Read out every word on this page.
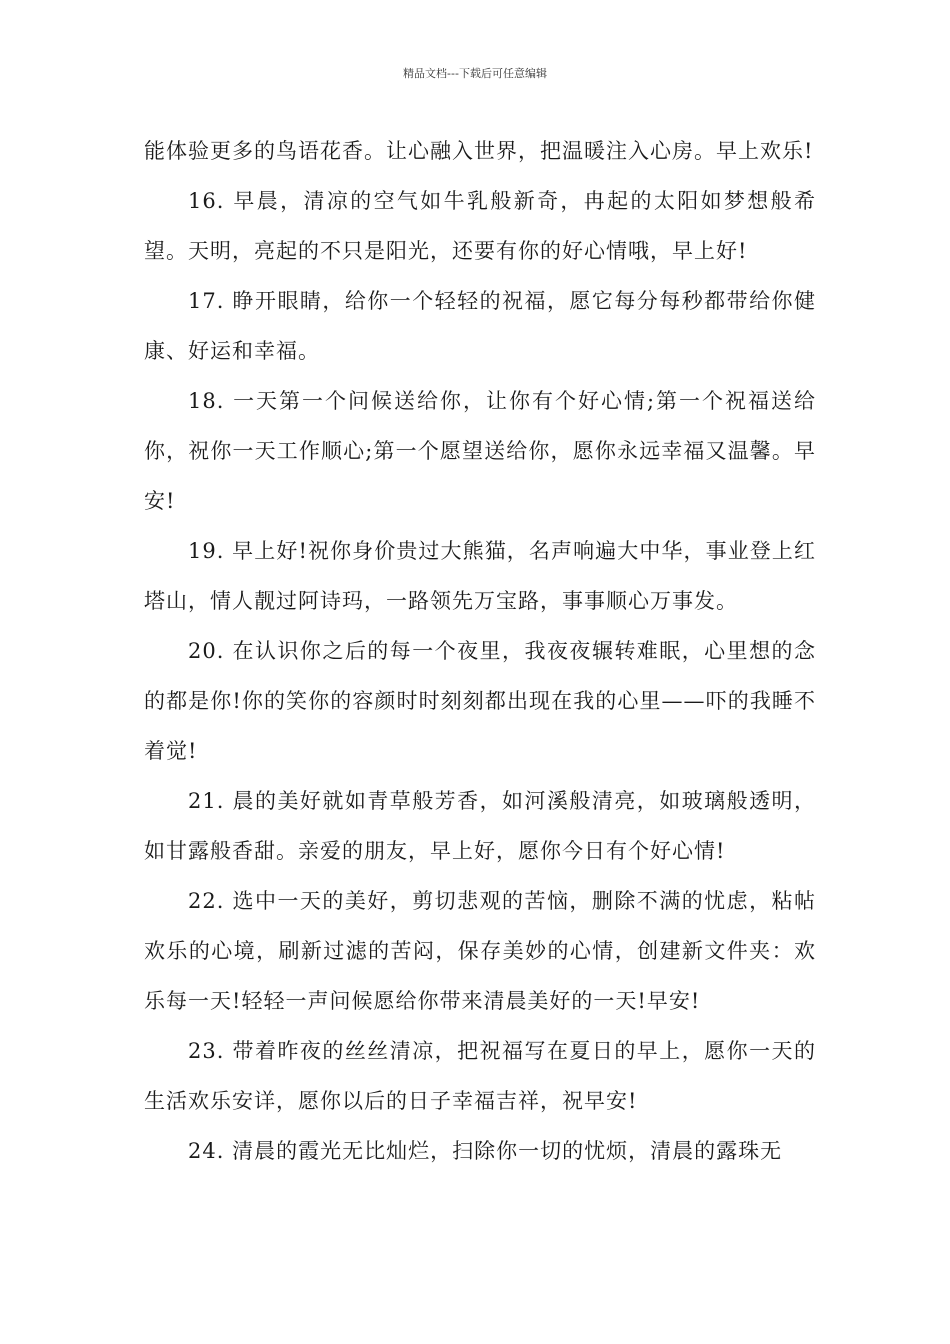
精品文档---下载后可任意编辑

能体验更多的鸟语花香。让心融入世界，把温暖注入心房。早上欢乐!

16. 早晨，清凉的空气如牛乳般新奇，冉起的太阳如梦想般希望。天明，亮起的不只是阳光，还要有你的好心情哦，早上好!

17. 睁开眼睛，给你一个轻轻的祝福，愿它每分每秒都带给你健康、好运和幸福。

18. 一天第一个问候送给你，让你有个好心情;第一个祝福送给你，祝你一天工作顺心;第一个愿望送给你，愿你永远幸福又温馨。早安!

19. 早上好!祝你身价贵过大熊猫，名声响遍大中华，事业登上红塔山，情人靓过阿诗玛，一路领先万宝路，事事顺心万事发。

20. 在认识你之后的每一个夜里，我夜夜辗转难眠，心里想的念的都是你!你的笑你的容颜时时刻刻都出现在我的心里——吓的我睡不着觉!

21. 晨的美好就如青草般芳香，如河溪般清亮，如玻璃般透明，如甘露般香甜。亲爱的朋友，早上好，愿你今日有个好心情!

22. 选中一天的美好，剪切悲观的苦恼，删除不满的忧虑，粘帖欢乐的心境，刷新过滤的苦闷，保存美妙的心情，创建新文件夹：欢乐每一天!轻轻一声问候愿给你带来清晨美好的一天!早安!

23. 带着昨夜的丝丝清凉，把祝福写在夏日的早上，愿你一天的生活欢乐安详，愿你以后的日子幸福吉祥，祝早安!

24. 清晨的霞光无比灿烂，扫除你一切的忧烦，清晨的露珠无
